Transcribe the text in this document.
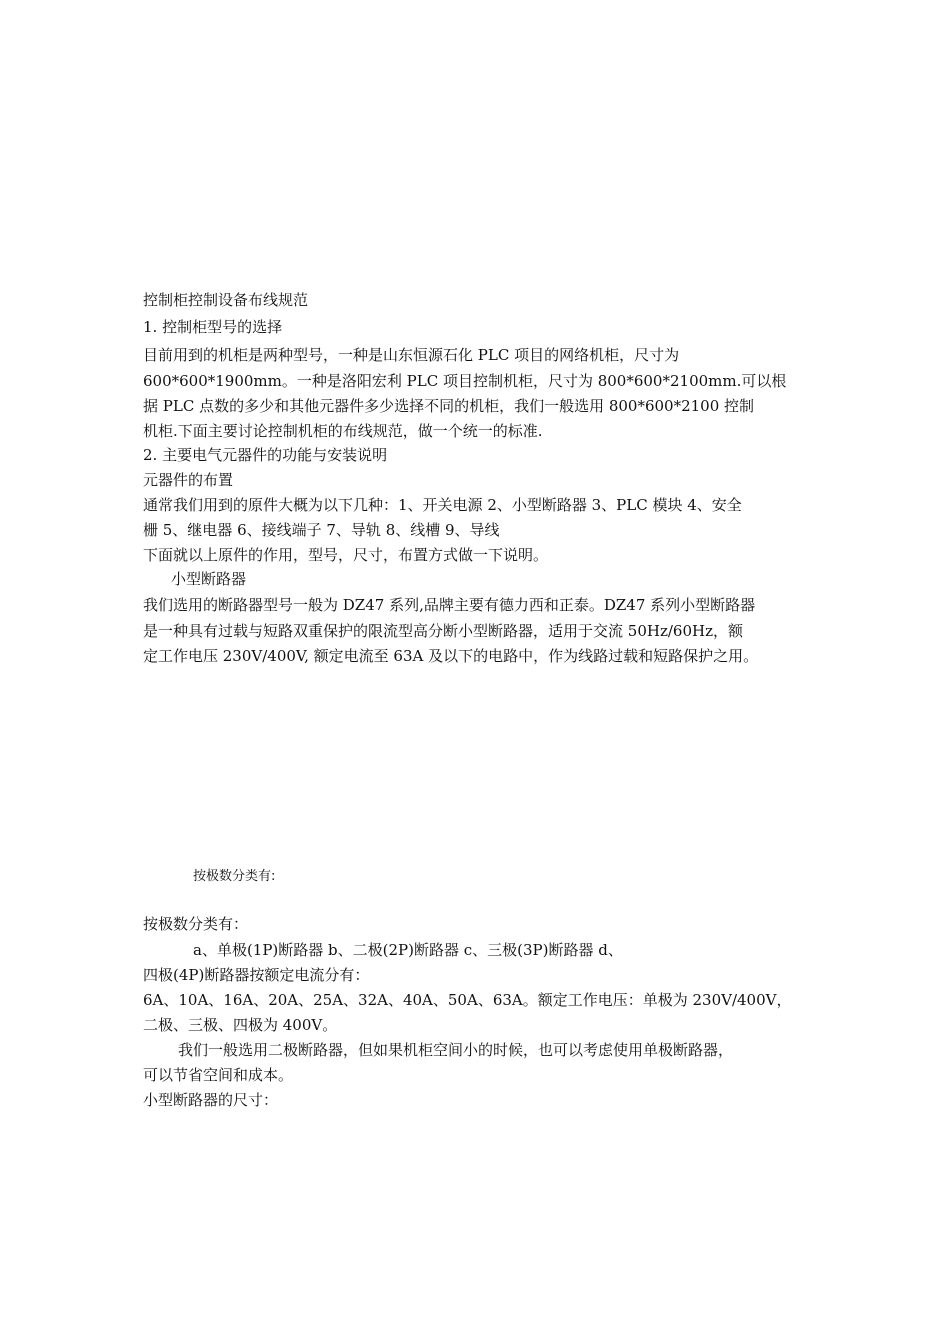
控制柜控制设备布线规范

1. 控制柜型号的选择

目前用到的机柜是两种型号，一种是山东恒源石化 PLC 项目的网络机柜，尺寸为

600*600*1900mm。一种是洛阳宏利 PLC 项目控制机柜，尺寸为 800*600*2100mm.可以根

据 PLC 点数的多少和其他元器件多少选择不同的机柜，我们一般选用 800*600*2100 控制

机柜.下面主要讨论控制机柜的布线规范，做一个统一的标准.

2. 主要电气元器件的功能与安装说明

元器件的布置

通常我们用到的原件大概为以下几种：1、开关电源 2、小型断路器 3、PLC 模块 4、安全

栅 5、继电器 6、接线端子 7、导轨 8、线槽 9、导线

下面就以上原件的作用，型号，尺寸，布置方式做一下说明。

小型断路器

我们选用的断路器型号一般为 DZ47 系列,品牌主要有德力西和正泰。DZ47 系列小型断路器

是一种具有过载与短路双重保护的限流型高分断小型断路器，适用于交流 50Hz/60Hz，额

定工作电压 230V/400V, 额定电流至 63A 及以下的电路中，作为线路过载和短路保护之用。

按极数分类有:

按极数分类有：

a、单极(1P)断路器 b、二极(2P)断路器 c、三极(3P)断路器 d、

四极(4P)断路器按额定电流分有：

6A、10A、16A、20A、25A、32A、40A、50A、63A。额定工作电压：单极为 230V/400V，

二极、三极、四极为 400V。

我们一般选用二极断路器，但如果机柜空间小的时候，也可以考虑使用单极断路器，

可以节省空间和成本。

小型断路器的尺寸：
